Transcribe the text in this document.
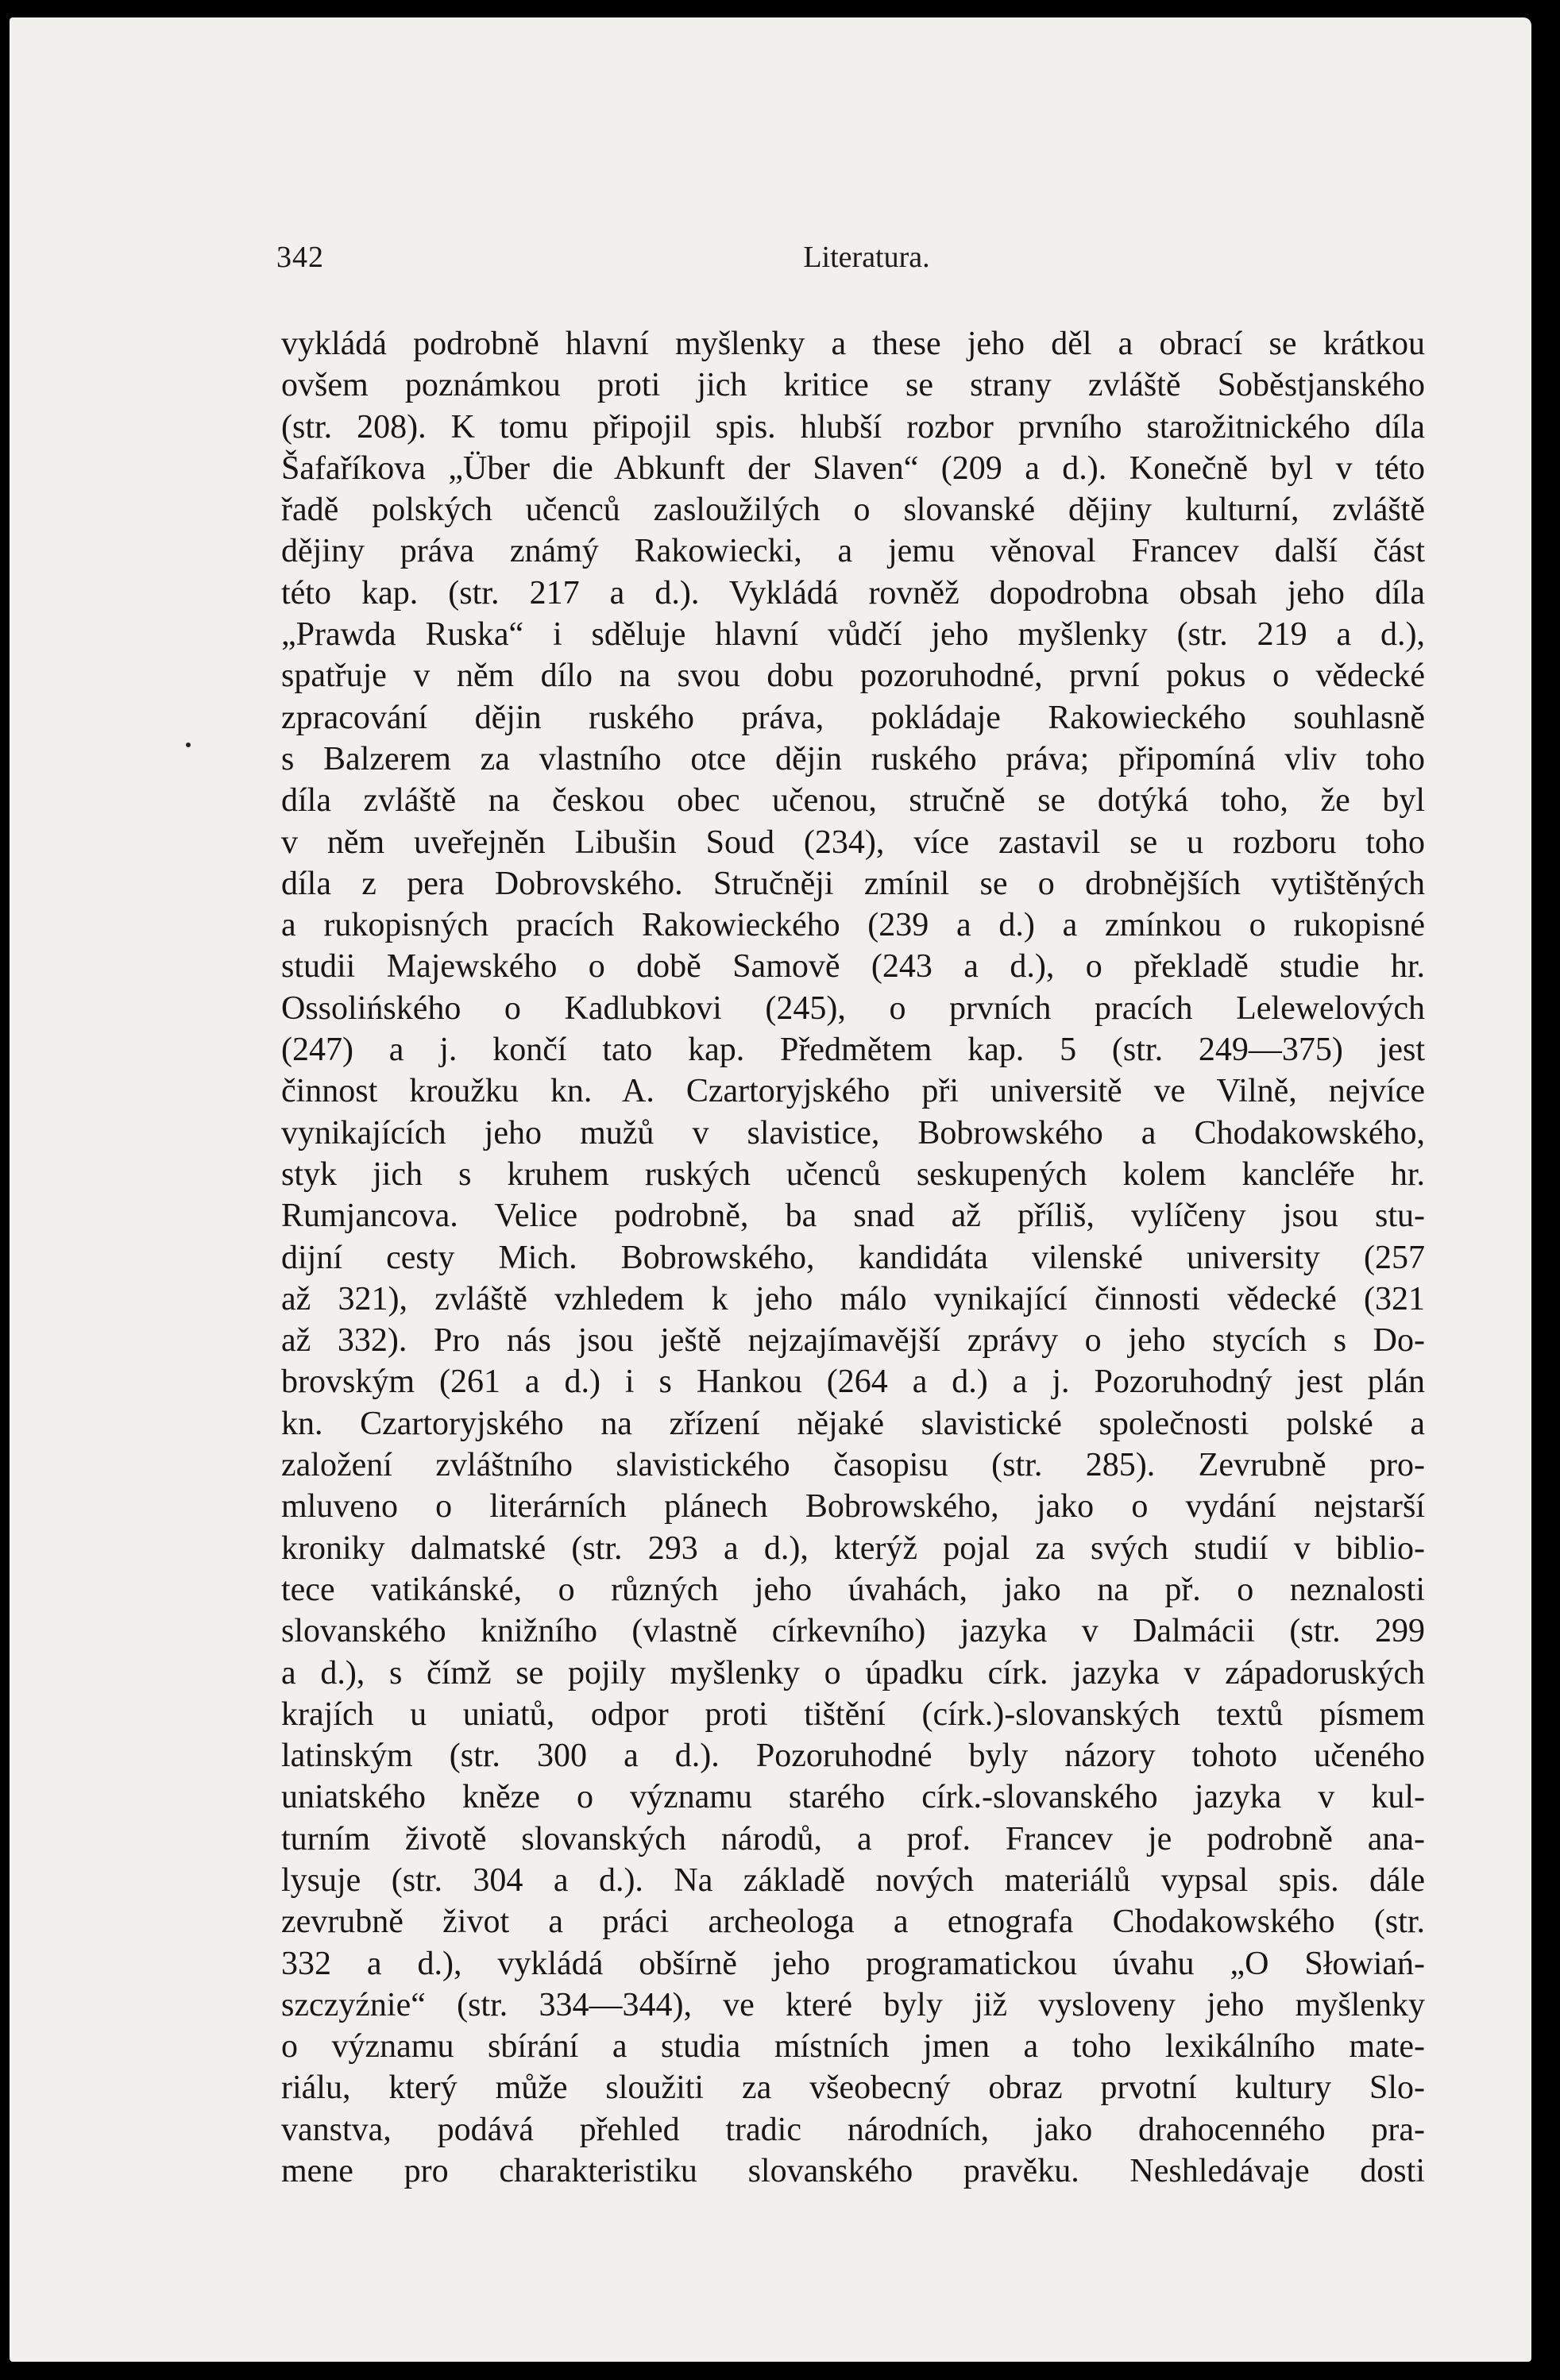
342	Literatura.
vykládá podrobně hlavní myšlenky a these jeho děl a obrací se krátkou
ovšem poznámkou proti jich kritice se strany zvláště Soběstjanského
(str. 208). K tomu připojil spis. hlubší rozbor prvního starožitnického díla
Šafaříkova „Über die Abkunft der Slaven“ (209 a d.). Konečně byl v této
řadě polských učenců zasloužilých o slovanské dějiny kulturní, zvláště
dějiny práva známý Rakowiecki, a jemu věnoval Francev další část
této kap. (str. 217 a d.). Vykládá rovněž dopodrobna obsah jeho díla
„Prawda Ruska“ i sděluje hlavní vůdčí jeho myšlenky (str. 219 a d.),
spatřuje v něm dílo na svou dobu pozoruhodné, první pokus o vědecké
zpracování dějin ruského práva, pokládaje Rakowieckého souhlasně
s Balzerem za vlastního otce dějin ruského práva; připomíná vliv toho
díla zvláště na českou obec učenou, stručně se dotýká toho, že byl
v něm uveřejněn Libušin Soud (234), více zastavil se u rozboru toho
díla z pera Dobrovského. Stručněji zmínil se o drobnějších vytištěných
a rukopisných pracích Rakowieckého (239 a d.) a zmínkou o rukopisné
studii Majewského o době Samově (243 a d.), o překladě studie hr.
Ossolińského o Kadlubkovi (245), o prvních pracích Lelewelových
(247) a j. končí tato kap. Předmětem kap. 5 (str. 249—375) jest
činnost kroužku kn. A. Czartoryjského při universitě ve Vilně, nejvíce
vynikajících jeho mužů v slavistice, Bobrowského a Chodakowského,
styk jich s kruhem ruských učenců seskupených kolem kancléře hr.
Rumjancova. Velice podrobně, ba snad až příliš, vylíčeny jsou stu-
dijní cesty Mich. Bobrowského, kandidáta vilenské university (257
až 321), zvláště vzhledem k jeho málo vynikající činnosti vědecké (321
až 332). Pro nás jsou ještě nejzajímavější zprávy o jeho stycích s Do-
brovským (261 a d.) i s Hankou (264 a d.) a j. Pozoruhodný jest plán
kn. Czartoryjského na zřízení nějaké slavistické společnosti polské a
založení zvláštního slavistického časopisu (str. 285). Zevrubně pro-
mluveno o literárních plánech Bobrowského, jako o vydání nejstarší
kroniky dalmatské (str. 293 a d.), kterýž pojal za svých studií v biblio-
tece vatikánské, o různých jeho úvahách, jako na př. o neznalosti
slovanského knižního (vlastně církevního) jazyka v Dalmácii (str. 299
a d.), s čímž se pojily myšlenky o úpadku círk. jazyka v západoruských
krajích u uniatů, odpor proti tištění (círk.)-slovanských textů písmem
latinským (str. 300 a d.). Pozoruhodné byly názory tohoto učeného
uniatského kněze o významu starého círk.-slovanského jazyka v kul-
turním životě slovanských národů, a prof. Francev je podrobně ana-
lysuje (str. 304 a d.). Na základě nových materiálů vypsal spis. dále
zevrubně život a práci archeologa a etnografa Chodakowského (str.
332 a d.), vykládá obšírně jeho programatickou úvahu „O Słowiań-
szczyźnie“ (str. 334—344), ve které byly již vysloveny jeho myšlenky
o významu sbírání a studia místních jmen a toho lexikálního mate-
riálu, který může sloužiti za všeobecný obraz prvotní kultury Slo-
vanstva, podává přehled tradic národních, jako drahocenného pra-
mene pro charakteristiku slovanského pravěku. Neshledávaje dosti
